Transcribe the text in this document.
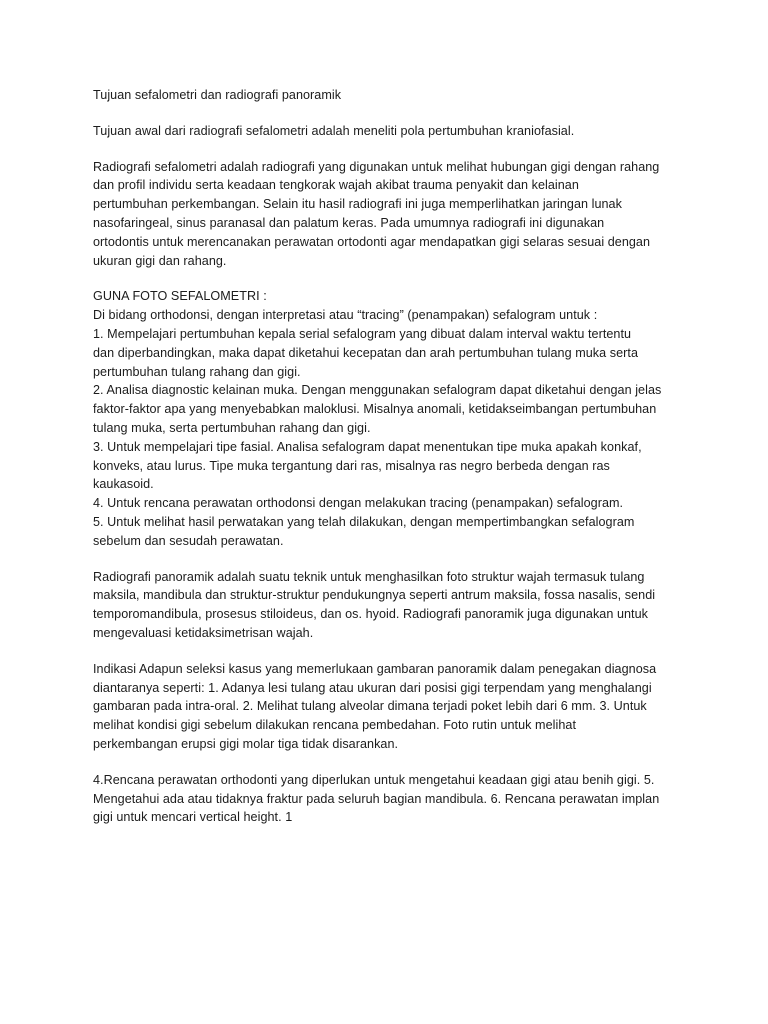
Tujuan sefalometri dan radiografi panoramik

Tujuan awal dari radiografi sefalometri adalah meneliti pola pertumbuhan kraniofasial.

Radiografi sefalometri adalah radiografi yang digunakan untuk melihat hubungan gigi dengan rahang
dan profil individu serta keadaan tengkorak wajah akibat trauma penyakit dan kelainan
pertumbuhan perkembangan. Selain itu hasil radiografi ini juga memperlihatkan jaringan lunak
nasofaringeal, sinus paranasal dan palatum keras. Pada umumnya radiografi ini digunakan
ortodontis untuk merencanakan perawatan ortodonti agar mendapatkan gigi selaras sesuai dengan
ukuran gigi dan rahang.

GUNA FOTO SEFALOMETRI :
Di bidang orthodonsi, dengan interpretasi atau “tracing” (penampakan) sefalogram untuk :
1. Mempelajari pertumbuhan kepala serial sefalogram yang dibuat dalam interval waktu tertentu
dan diperbandingkan, maka dapat diketahui kecepatan dan arah pertumbuhan tulang muka serta
pertumbuhan tulang rahang dan gigi.
2. Analisa diagnostic kelainan muka. Dengan menggunakan sefalogram dapat diketahui dengan jelas
faktor-faktor apa yang menyebabkan maloklusi. Misalnya anomali, ketidakseimbangan pertumbuhan
tulang muka, serta pertumbuhan rahang dan gigi.
3. Untuk mempelajari tipe fasial. Analisa sefalogram dapat menentukan tipe muka apakah konkaf,
konveks, atau lurus. Tipe muka tergantung dari ras, misalnya ras negro berbeda dengan ras
kaukasoid.
4. Untuk rencana perawatan orthodonsi dengan melakukan tracing (penampakan) sefalogram.
5. Untuk melihat hasil perwatakan yang telah dilakukan, dengan mempertimbangkan sefalogram
sebelum dan sesudah perawatan.

Radiografi panoramik adalah suatu teknik untuk menghasilkan foto struktur wajah termasuk tulang
maksila, mandibula dan struktur-struktur pendukungnya seperti antrum maksila, fossa nasalis, sendi
temporomandibula, prosesus stiloideus, dan os. hyoid. Radiografi panoramik juga digunakan untuk
mengevaluasi ketidaksimetrisan wajah.

Indikasi Adapun seleksi kasus yang memerlukaan gambaran panoramik dalam penegakan diagnosa
diantaranya seperti: 1. Adanya lesi tulang atau ukuran dari posisi gigi terpendam yang menghalangi
gambaran pada intra-oral. 2. Melihat tulang alveolar dimana terjadi poket lebih dari 6 mm. 3. Untuk
melihat kondisi gigi sebelum dilakukan rencana pembedahan. Foto rutin untuk melihat
perkembangan erupsi gigi molar tiga tidak disarankan.

4.Rencana perawatan orthodonti yang diperlukan untuk mengetahui keadaan gigi atau benih gigi. 5.
Mengetahui ada atau tidaknya fraktur pada seluruh bagian mandibula. 6. Rencana perawatan implan
gigi untuk mencari vertical height. 1
